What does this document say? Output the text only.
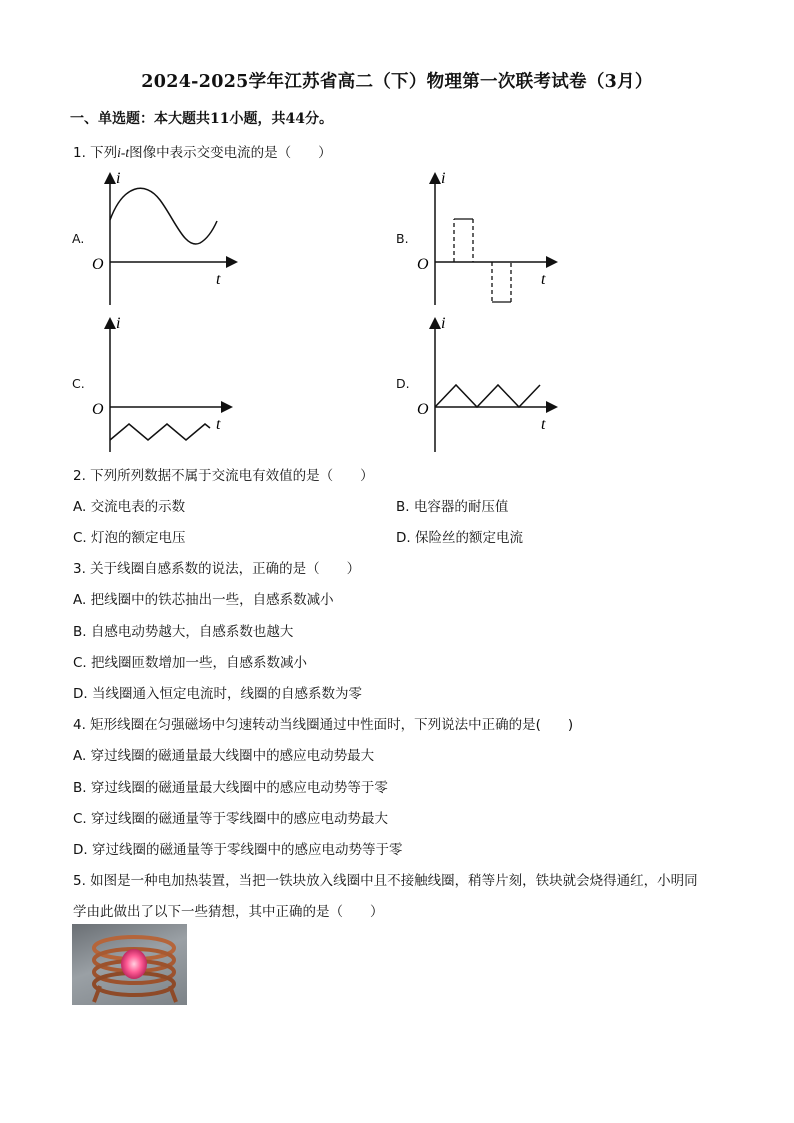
2024-2025学年江苏省高二（下）物理第一次联考试卷（3月）
一、单选题：本大题共11小题，共44分。
1. 下列i-t图像中表示交变电流的是（　　）
A.	B.
C.	D.
i
t
O
i
t
O
i
t
O
i
t
O
2. 下列所列数据不属于交流电有效值的是（　　）
A. 交流电表的示数	B. 电容器的耐压值
C. 灯泡的额定电压	D. 保险丝的额定电流
3. 关于线圈自感系数的说法，正确的是（　　）
A. 把线圈中的铁芯抽出一些，自感系数减小
B. 自感电动势越大，自感系数也越大
C. 把线圈匝数增加一些，自感系数减小
D. 当线圈通入恒定电流时，线圈的自感系数为零
4. 矩形线圈在匀强磁场中匀速转动当线圈通过中性面时，下列说法中正确的是(　　)
A. 穿过线圈的磁通量最大线圈中的感应电动势最大
B. 穿过线圈的磁通量最大线圈中的感应电动势等于零
C. 穿过线圈的磁通量等于零线圈中的感应电动势最大
D. 穿过线圈的磁通量等于零线圈中的感应电动势等于零
5. 如图是一种电加热装置，当把一铁块放入线圈中且不接触线圈，稍等片刻，铁块就会烧得通红，小明同
学由此做出了以下一些猜想，其中正确的是（　　）
